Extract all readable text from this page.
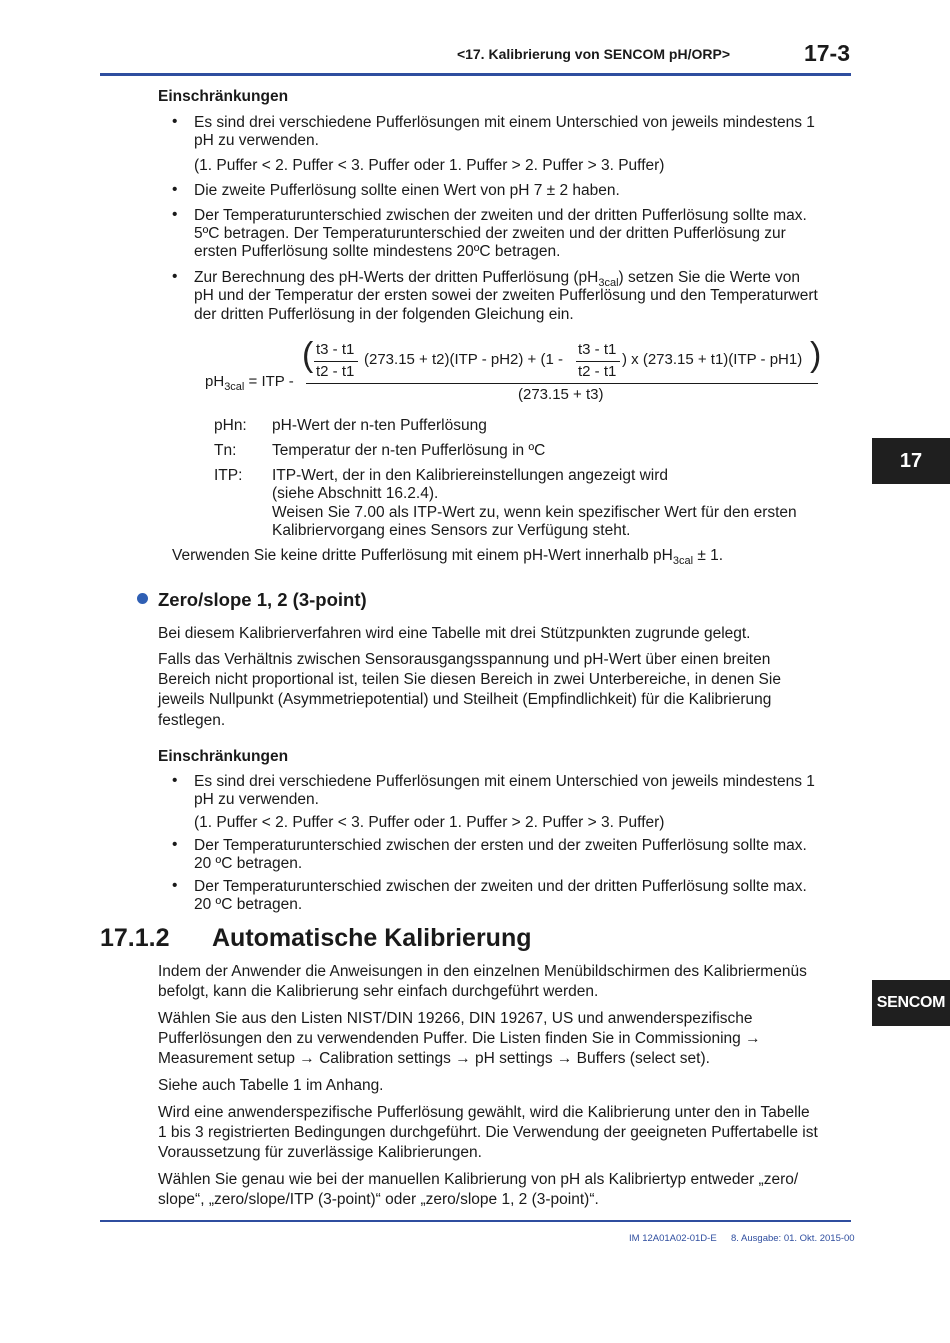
<17. Kalibrierung von SENCOM pH/ORP>	17-3
17
SENCOM
Einschränkungen
• Es sind drei verschiedene Pufferlösungen mit einem Unterschied von jeweils mindestens 1
pH zu verwenden.
(1. Puffer < 2. Puffer < 3. Puffer oder 1. Puffer > 2. Puffer > 3. Puffer)
• Die zweite Pufferlösung sollte einen Wert von pH 7 ± 2 haben.
• Der Temperaturunterschied zwischen der zweiten und der dritten Pufferlösung sollte max.
5ºC betragen. Der Temperaturunterschied der zweiten und der dritten Pufferlösung zur
ersten Pufferlösung sollte mindestens 20ºC betragen.
• Zur Berechnung des pH-Werts der dritten Pufferlösung $(pH_{3cal})$ setzen Sie die Werte von
pH und der Temperatur der ersten sowei der zweiten Pufferlösung und den Temperaturwert
der dritten Pufferlösung in der folgenden Gleichung ein.
$pH_{3cal}$ = ITP -
( t3 - t1
t2 - t1
(273.15 + t2)(ITP - pH2) + (1 -
t3 - t1
t2 - t1
) x (273.15 + t1)(ITP - pH1) )
(273.15 + t3)
pHn: pH-Wert der n-ten Pufferlösung
Tn: Temperatur der n-ten Pufferlösung in ºC
ITP: ITP-Wert, der in den Kalibriereinstellungen angezeigt wird
(siehe Abschnitt 16.2.4).
Weisen Sie 7.00 als ITP-Wert zu, wenn kein spezifischer Wert für den ersten
Kalibriervorgang eines Sensors zur Verfügung steht.
Verwenden Sie keine dritte Pufferlösung mit einem pH-Wert innerhalb $pH_{3cal} \pm 1$.
Zero/slope 1, 2 (3-point)
Bei diesem Kalibrierverfahren wird eine Tabelle mit drei Stützpunkten zugrunde gelegt.
Falls das Verhältnis zwischen Sensorausgangsspannung und pH-Wert über einen breiten
Bereich nicht proportional ist, teilen Sie diesen Bereich in zwei Unterbereiche, in denen Sie
jeweils Nullpunkt (Asymmetriepotential) und Steilheit (Empfindlichkeit) für die Kalibrierung
festlegen.
Einschränkungen
• Es sind drei verschiedene Pufferlösungen mit einem Unterschied von jeweils mindestens 1
pH zu verwenden.
(1. Puffer < 2. Puffer < 3. Puffer oder 1. Puffer > 2. Puffer > 3. Puffer)
• Der Temperaturunterschied zwischen der ersten und der zweiten Pufferlösung sollte max.
20 ºC betragen.
• Der Temperaturunterschied zwischen der zweiten und der dritten Pufferlösung sollte max.
20 ºC betragen.
17.1.2 Automatische Kalibrierung
Indem der Anwender die Anweisungen in den einzelnen Menübildschirmen des Kalibriermenüs
befolgt, kann die Kalibrierung sehr einfach durchgeführt werden.
Wählen Sie aus den Listen NIST/DIN 19266, DIN 19267, US und anwenderspezifische
Pufferlösungen den zu verwendenden Puffer. Die Listen finden Sie in Commissioning →
Measurement setup → Calibration settings → pH settings → Buffers (select set).
Siehe auch Tabelle 1 im Anhang.
Wird eine anwenderspezifische Pufferlösung gewählt, wird die Kalibrierung unter den in Tabelle
1 bis 3 registrierten Bedingungen durchgeführt. Die Verwendung der geeigneten Puffertabelle ist
Voraussetzung für zuverlässige Kalibrierungen.
Wählen Sie genau wie bei der manuellen Kalibrierung von pH als Kalibriertyp entweder „zero/
slope“, „zero/slope/ITP (3-point)“ oder „zero/slope 1, 2 (3-point)“.
IM 12A01A02-01D-E 8. Ausgabe: 01. Okt. 2015-00
